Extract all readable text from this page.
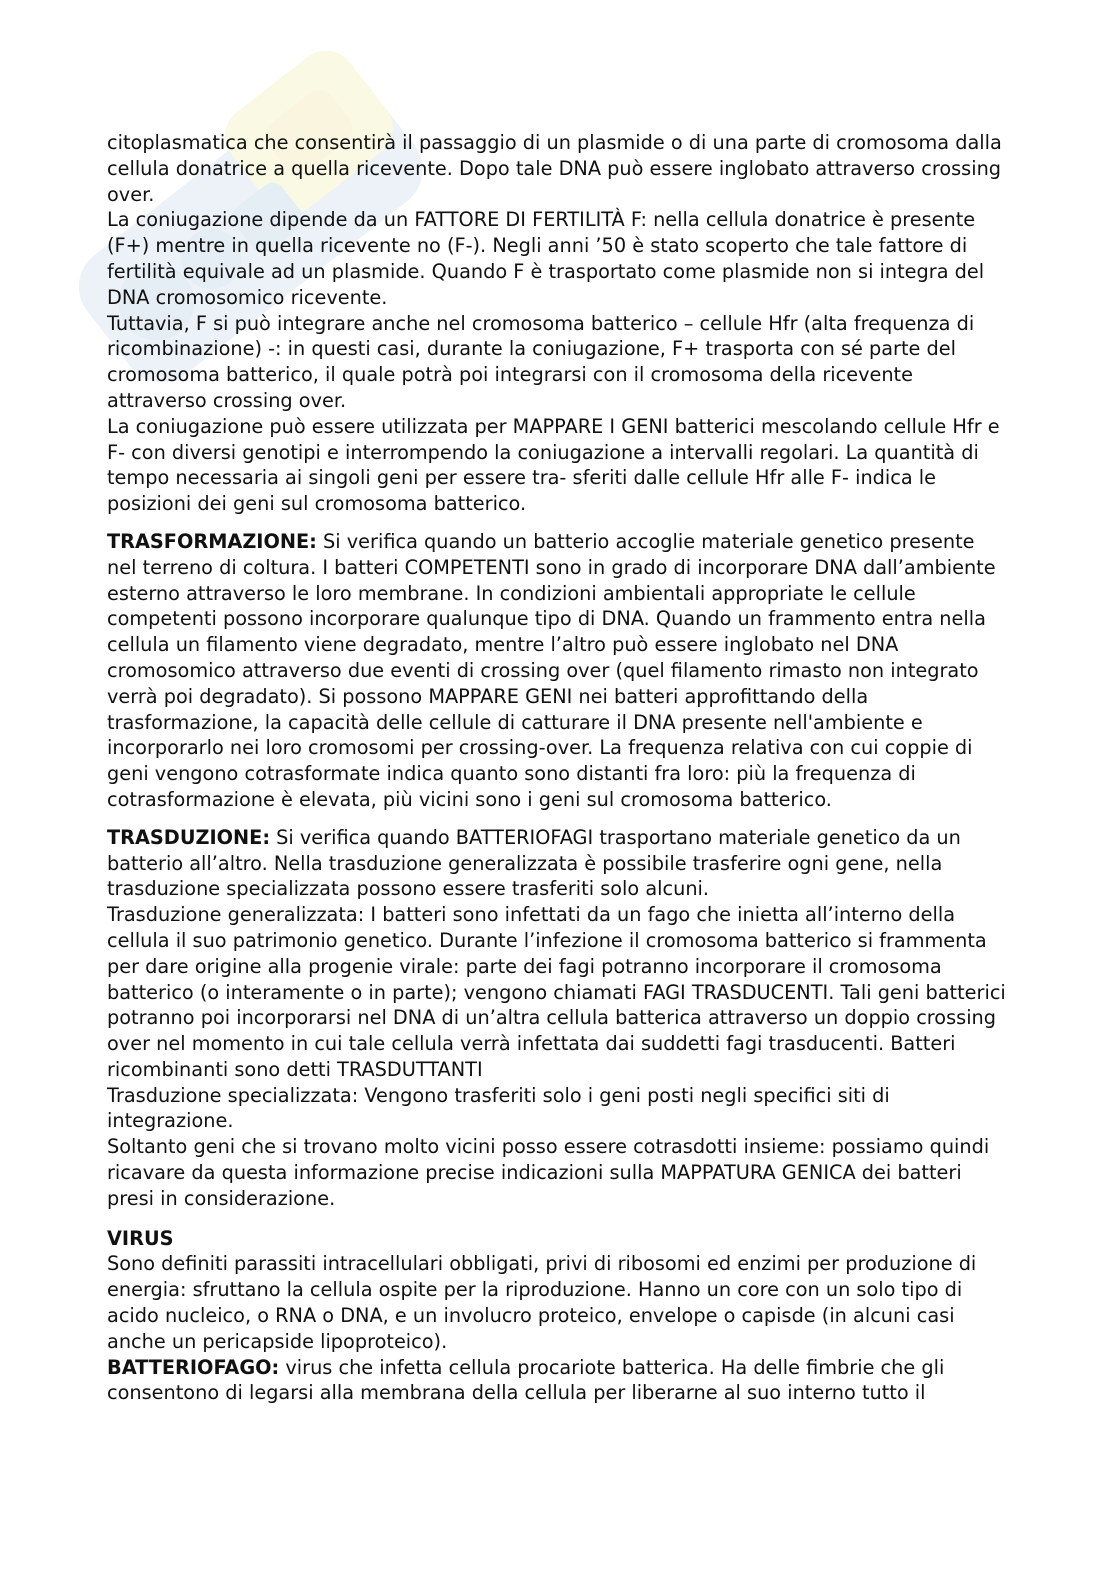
citoplasmatica che consentirà il passaggio di un plasmide o di una parte di cromosoma dalla cellula donatrice a quella ricevente. Dopo tale DNA può essere inglobato attraverso crossing over.

La coniugazione dipende da un FATTORE DI FERTILITÀ F: nella cellula donatrice è presente (F+) mentre in quella ricevente no (F-). Negli anni ’50 è stato scoperto che tale fattore di fertilità equivale ad un plasmide. Quando F è trasportato come plasmide non si integra del DNA cromosomico ricevente.

Tuttavia, F si può integrare anche nel cromosoma batterico – cellule Hfr (alta frequenza di ricombinazione) -: in questi casi, durante la coniugazione, F+ trasporta con sé parte del cromosoma batterico, il quale potrà poi integrarsi con il cromosoma della ricevente attraverso crossing over.

La coniugazione può essere utilizzata per MAPPARE I GENI batterici mescolando cellule Hfr e F- con diversi genotipi e interrompendo la coniugazione a intervalli regolari. La quantità di tempo necessaria ai singoli geni per essere tra- sferiti dalle cellule Hfr alle F- indica le posizioni dei geni sul cromosoma batterico.

TRASFORMAZIONE: Si verifica quando un batterio accoglie materiale genetico presente nel terreno di coltura. I batteri COMPETENTI sono in grado di incorporare DNA dall’ambiente esterno attraverso le loro membrane. In condizioni ambientali appropriate le cellule competenti possono incorporare qualunque tipo di DNA. Quando un frammento entra nella cellula un filamento viene degradato, mentre l’altro può essere inglobato nel DNA cromosomico attraverso due eventi di crossing over (quel filamento rimasto non integrato verrà poi degradato). Si possono MAPPARE GENI nei batteri approfittando della trasformazione, la capacità delle cellule di catturare il DNA presente nell'ambiente e incorporarlo nei loro cromosomi per crossing-over. La frequenza relativa con cui coppie di geni vengono cotrasformate indica quanto sono distanti fra loro: più la frequenza di cotrasformazione è elevata, più vicini sono i geni sul cromosoma batterico.

TRASDUZIONE: Si verifica quando BATTERIOFAGI trasportano materiale genetico da un batterio all’altro. Nella trasduzione generalizzata è possibile trasferire ogni gene, nella trasduzione specializzata possono essere trasferiti solo alcuni.

Trasduzione generalizzata: I batteri sono infettati da un fago che inietta all’interno della cellula il suo patrimonio genetico. Durante l’infezione il cromosoma batterico si frammenta per dare origine alla progenie virale: parte dei fagi potranno incorporare il cromosoma batterico (o interamente o in parte); vengono chiamati FAGI TRASDUCENTI. Tali geni batterici potranno poi incorporarsi nel DNA di un’altra cellula batterica attraverso un doppio crossing over nel momento in cui tale cellula verrà infettata dai suddetti fagi trasducenti. Batteri ricombinanti sono detti TRASDUTTANTI

Trasduzione specializzata: Vengono trasferiti solo i geni posti negli specifici siti di integrazione.

Soltanto geni che si trovano molto vicini posso essere cotrasdotti insieme: possiamo quindi ricavare da questa informazione precise indicazioni sulla MAPPATURA GENICA dei batteri presi in considerazione.

VIRUS

Sono definiti parassiti intracellulari obbligati, privi di ribosomi ed enzimi per produzione di energia: sfruttano la cellula ospite per la riproduzione. Hanno un core con un solo tipo di acido nucleico, o RNA o DNA, e un involucro proteico, envelope o capisde (in alcuni casi anche un pericapside lipoproteico).

BATTERIOFAGO: virus che infetta cellula procariote batterica. Ha delle fimbrie che gli consentono di legarsi alla membrana della cellula per liberarne al suo interno tutto il
